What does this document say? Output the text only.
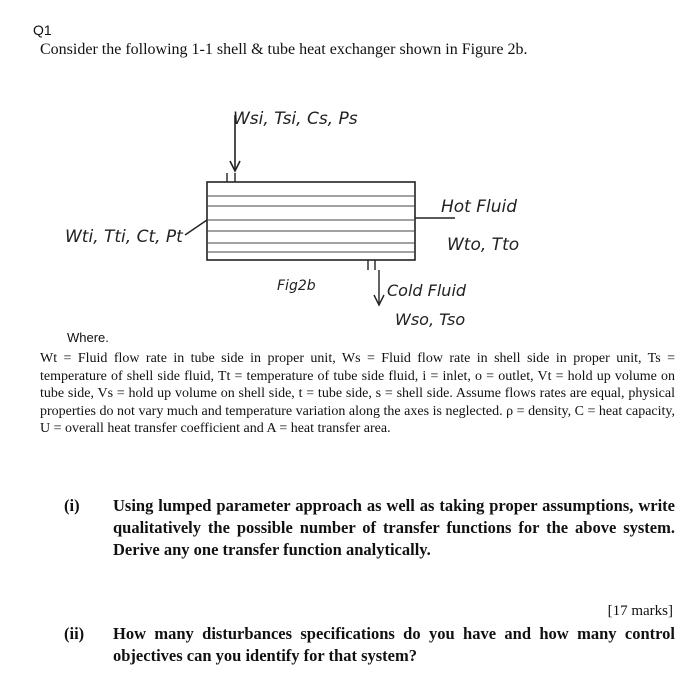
Q1
Consider the following 1-1 shell & tube heat exchanger shown in Figure 2b.
Wsi, Tsi, Cs, Ps
Wti, Tti, Ct, Pt
Hot Fluid
Wto, Tto
Fig2b	Cold Fluid
Wso, Tso
Where.
Wt = Fluid flow rate in tube side in proper unit, Ws = Fluid flow rate in shell side in proper unit, Ts = temperature of shell side fluid, Tt = temperature of tube side fluid, i = inlet, o = outlet, Vt = hold up volume on tube side, Vs = hold up volume on shell side, t = tube side, s = shell side. Assume flows rates are equal, physical properties do not vary much and temperature variation along the axes is neglected. ρ = density, C = heat capacity, U = overall heat transfer coefficient and A = heat transfer area.
(i) Using lumped parameter approach as well as taking proper assumptions, write qualitatively the possible number of transfer functions for the above system. Derive any one transfer function analytically.
[17 marks]
(ii) How many disturbances specifications do you have and how many control objectives can you identify for that system?
